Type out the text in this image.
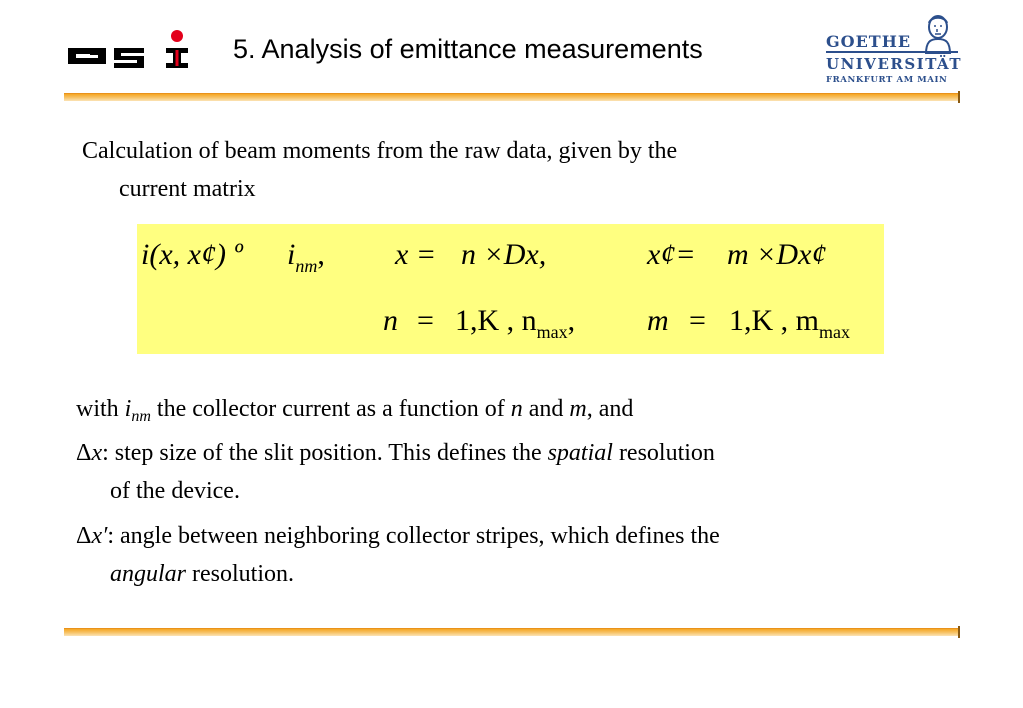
5. Analysis of emittance measurements	GOETHE
UNIVERSITÄT
FRANKFURT AM MAIN
Calculation of beam moments from the raw data, given by the
current matrix
i(x, x¢) º $i_{nm}$, x = n ×Dx,	x¢= m ×Dx¢
n = 1,K , $n_{max}$, m = 1,K , $m_{max}$
with $i_{nm}$ the collector current as a function of n and m, and
Δx: step size of the slit position. This defines the spatial resolution
of the device.
Δx′: angle between neighboring collector stripes, which defines the
angular resolution.
